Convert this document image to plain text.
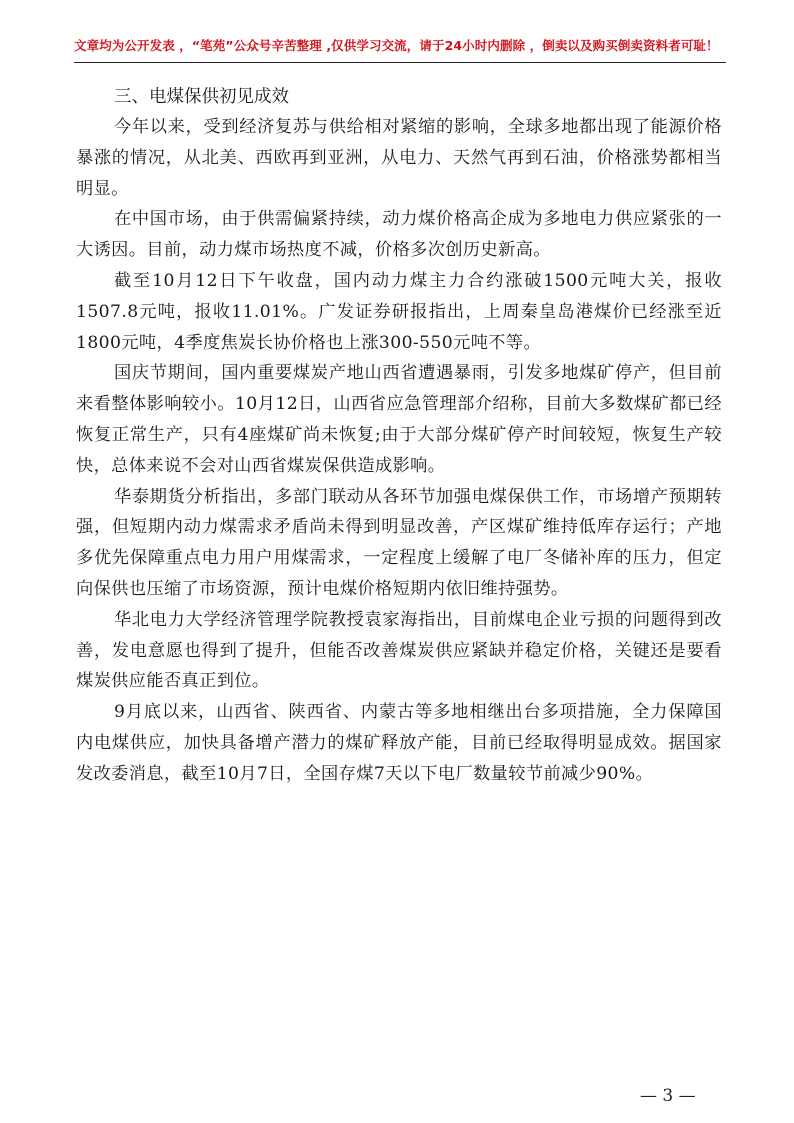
文章均为公开发表 ，“笔苑”公众号辛苦整理 ,仅供学习交流，请于24小时内删除 ，倒卖以及购买倒卖资料者可耻！
三、电煤保供初见成效

今年以来，受到经济复苏与供给相对紧缩的影响，全球多地都出现了能源价格暴涨的情况，从北美、西欧再到亚洲，从电力、天然气再到石油，价格涨势都相当明显。

在中国市场，由于供需偏紧持续，动力煤价格高企成为多地电力供应紧张的一大诱因。目前，动力煤市场热度不减，价格多次创历史新高。

截至10月12日下午收盘，国内动力煤主力合约涨破1500元吨大关，报收1507.8元吨，报收11.01%。广发证券研报指出，上周秦皇岛港煤价已经涨至近1800元吨，4季度焦炭长协价格也上涨300-550元吨不等。

国庆节期间，国内重要煤炭产地山西省遭遇暴雨，引发多地煤矿停产，但目前来看整体影响较小。10月12日，山西省应急管理部介绍称，目前大多数煤矿都已经恢复正常生产，只有4座煤矿尚未恢复;由于大部分煤矿停产时间较短，恢复生产较快，总体来说不会对山西省煤炭保供造成影响。

华泰期货分析指出，多部门联动从各环节加强电煤保供工作，市场增产预期转强，但短期内动力煤需求矛盾尚未得到明显改善，产区煤矿维持低库存运行；产地多优先保障重点电力用户用煤需求，一定程度上缓解了电厂冬储补库的压力，但定向保供也压缩了市场资源，预计电煤价格短期内依旧维持强势。

华北电力大学经济管理学院教授袁家海指出，目前煤电企业亏损的问题得到改善，发电意愿也得到了提升，但能否改善煤炭供应紧缺并稳定价格，关键还是要看煤炭供应能否真正到位。

9月底以来，山西省、陕西省、内蒙古等多地相继出台多项措施，全力保障国内电煤供应，加快具备增产潜力的煤矿释放产能，目前已经取得明显成效。据国家发改委消息，截至10月7日，全国存煤7天以下电厂数量较节前减少90%。

— 3 —
